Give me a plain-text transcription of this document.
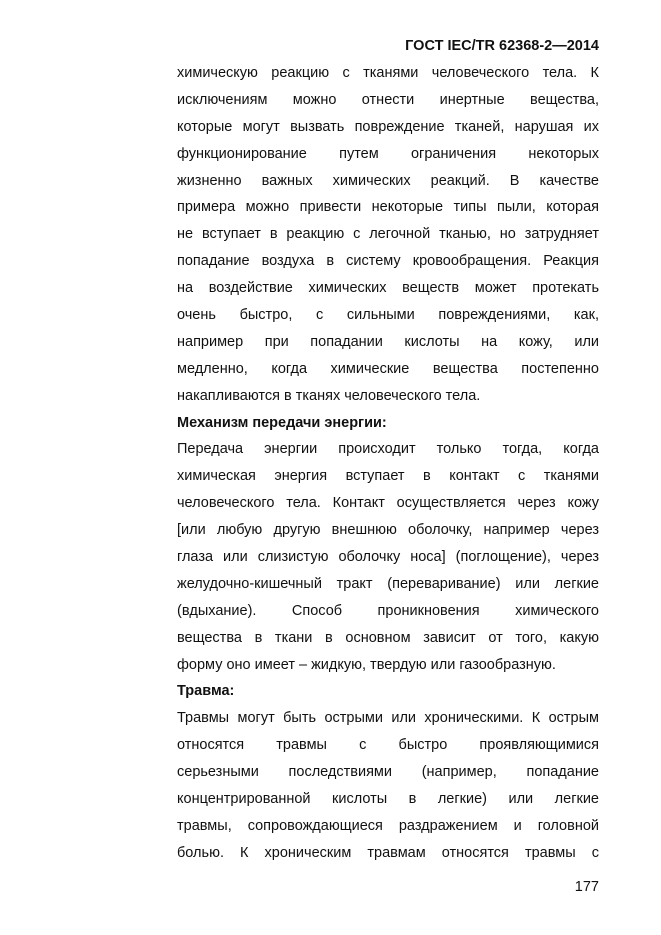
ГОСТ IEC/TR 62368-2—2014
химическую реакцию с тканями человеческого тела. К
исключениям можно отнести инертные вещества,
которые могут вызвать повреждение тканей, нарушая их
функционирование путем ограничения некоторых
жизненно важных химических реакций. В качестве
примера можно привести некоторые типы пыли, которая
не вступает в реакцию с легочной тканью, но затрудняет
попадание воздуха в систему кровообращения. Реакция
на воздействие химических веществ может протекать
очень быстро, с сильными повреждениями, как,
например при попадании кислоты на кожу, или
медленно, когда химические вещества постепенно
накапливаются в тканях человеческого тела.
Механизм передачи энергии:
Передача энергии происходит только тогда, когда
химическая энергия вступает в контакт с тканями
человеческого тела. Контакт осуществляется через кожу
[или любую другую внешнюю оболочку, например через
глаза или слизистую оболочку носа] (поглощение), через
желудочно-кишечный тракт (переваривание) или легкие
(вдыхание). Способ проникновения химического
вещества в ткани в основном зависит от того, какую
форму оно имеет – жидкую, твердую или газообразную.
Травма:
Травмы могут быть острыми или хроническими. К острым
относятся травмы с быстро проявляющимися
серьезными последствиями (например, попадание
концентрированной кислоты в легкие) или легкие
травмы, сопровождающиеся раздражением и головной
болью. К хроническим травмам относятся травмы с
177
